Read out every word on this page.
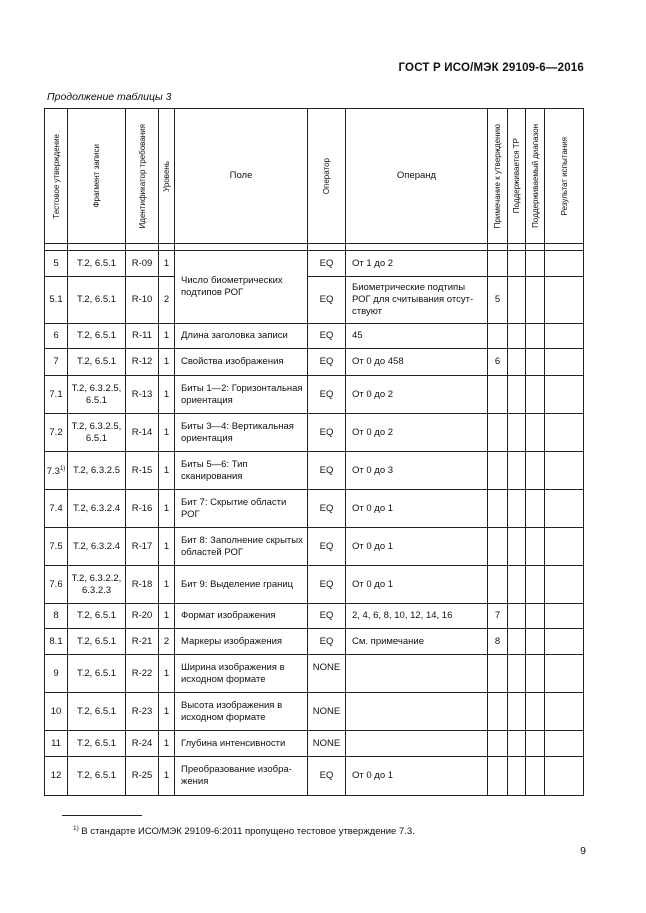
ГОСТ Р ИСО/МЭК 29109-6—2016
Продолжение таблицы 3
Тестовое утверждение	Фрагмент записи	Идентификатор требования	Уровень	Поле	Оператор	Операнд	Примечание к утверждению	Поддерживается ТР	Поддерживаемый диапазон	Результат испытания

5	Т.2, 6.5.1	R-09	1	Число биометрических подтипов РОГ	EQ	От 1 до 2				
5.1	Т.2, 6.5.1	R-10	2		EQ	Биометрические подтипы РОГ для считывания отсут-ствуют	5			
6	Т.2, 6.5.1	R-11	1	Длина заголовка записи	EQ	45				
7	Т.2, 6.5.1	R-12	1	Свойства изображения	EQ	От 0 до 458	6			
7.1	Т.2, 6.3.2.5, 6.5.1	R-13	1	Биты 1—2: Горизонтальная ориентация	EQ	От 0 до 2				
7.2	Т.2, 6.3.2.5, 6.5.1	R-14	1	Биты 3—4: Вертикальная ориентация	EQ	От 0 до 2				
7.3$^{1)}$	Т.2, 6.3.2.5	R-15	1	Биты 5—6: Тип сканирования	EQ	От 0 до 3				
7.4	Т.2, 6.3.2.4	R-16	1	Бит 7: Скрытие области РОГ	EQ	От 0 до 1				
7.5	Т.2, 6.3.2.4	R-17	1	Бит 8: Заполнение скрытых областей РОГ	EQ	От 0 до 1				
7.6	Т.2, 6.3.2.2, 6.3.2.3	R-18	1	Бит 9: Выделение границ	EQ	От 0 до 1				
8	Т.2, 6.5.1	R-20	1	Формат изображения	EQ	2, 4, 6, 8, 10, 12, 14, 16	7			
8.1	Т.2, 6.5.1	R-21	2	Маркеры изображения	EQ	См. примечание	8			
9	Т.2, 6.5.1	R-22	1	Ширина изображения в исходном формате	NONE					
10	Т.2, 6.5.1	R-23	1	Высота изображения в исходном формате	NONE					
11	Т.2, 6.5.1	R-24	1	Глубина интенсивности	NONE					
12	Т.2, 6.5.1	R-25	1	Преобразование изобра-жения	EQ	От 0 до 1				
$^{1)}$ В стандарте ИСО/МЭК 29109-6:2011 пропущено тестовое утверждение 7.3.
9
